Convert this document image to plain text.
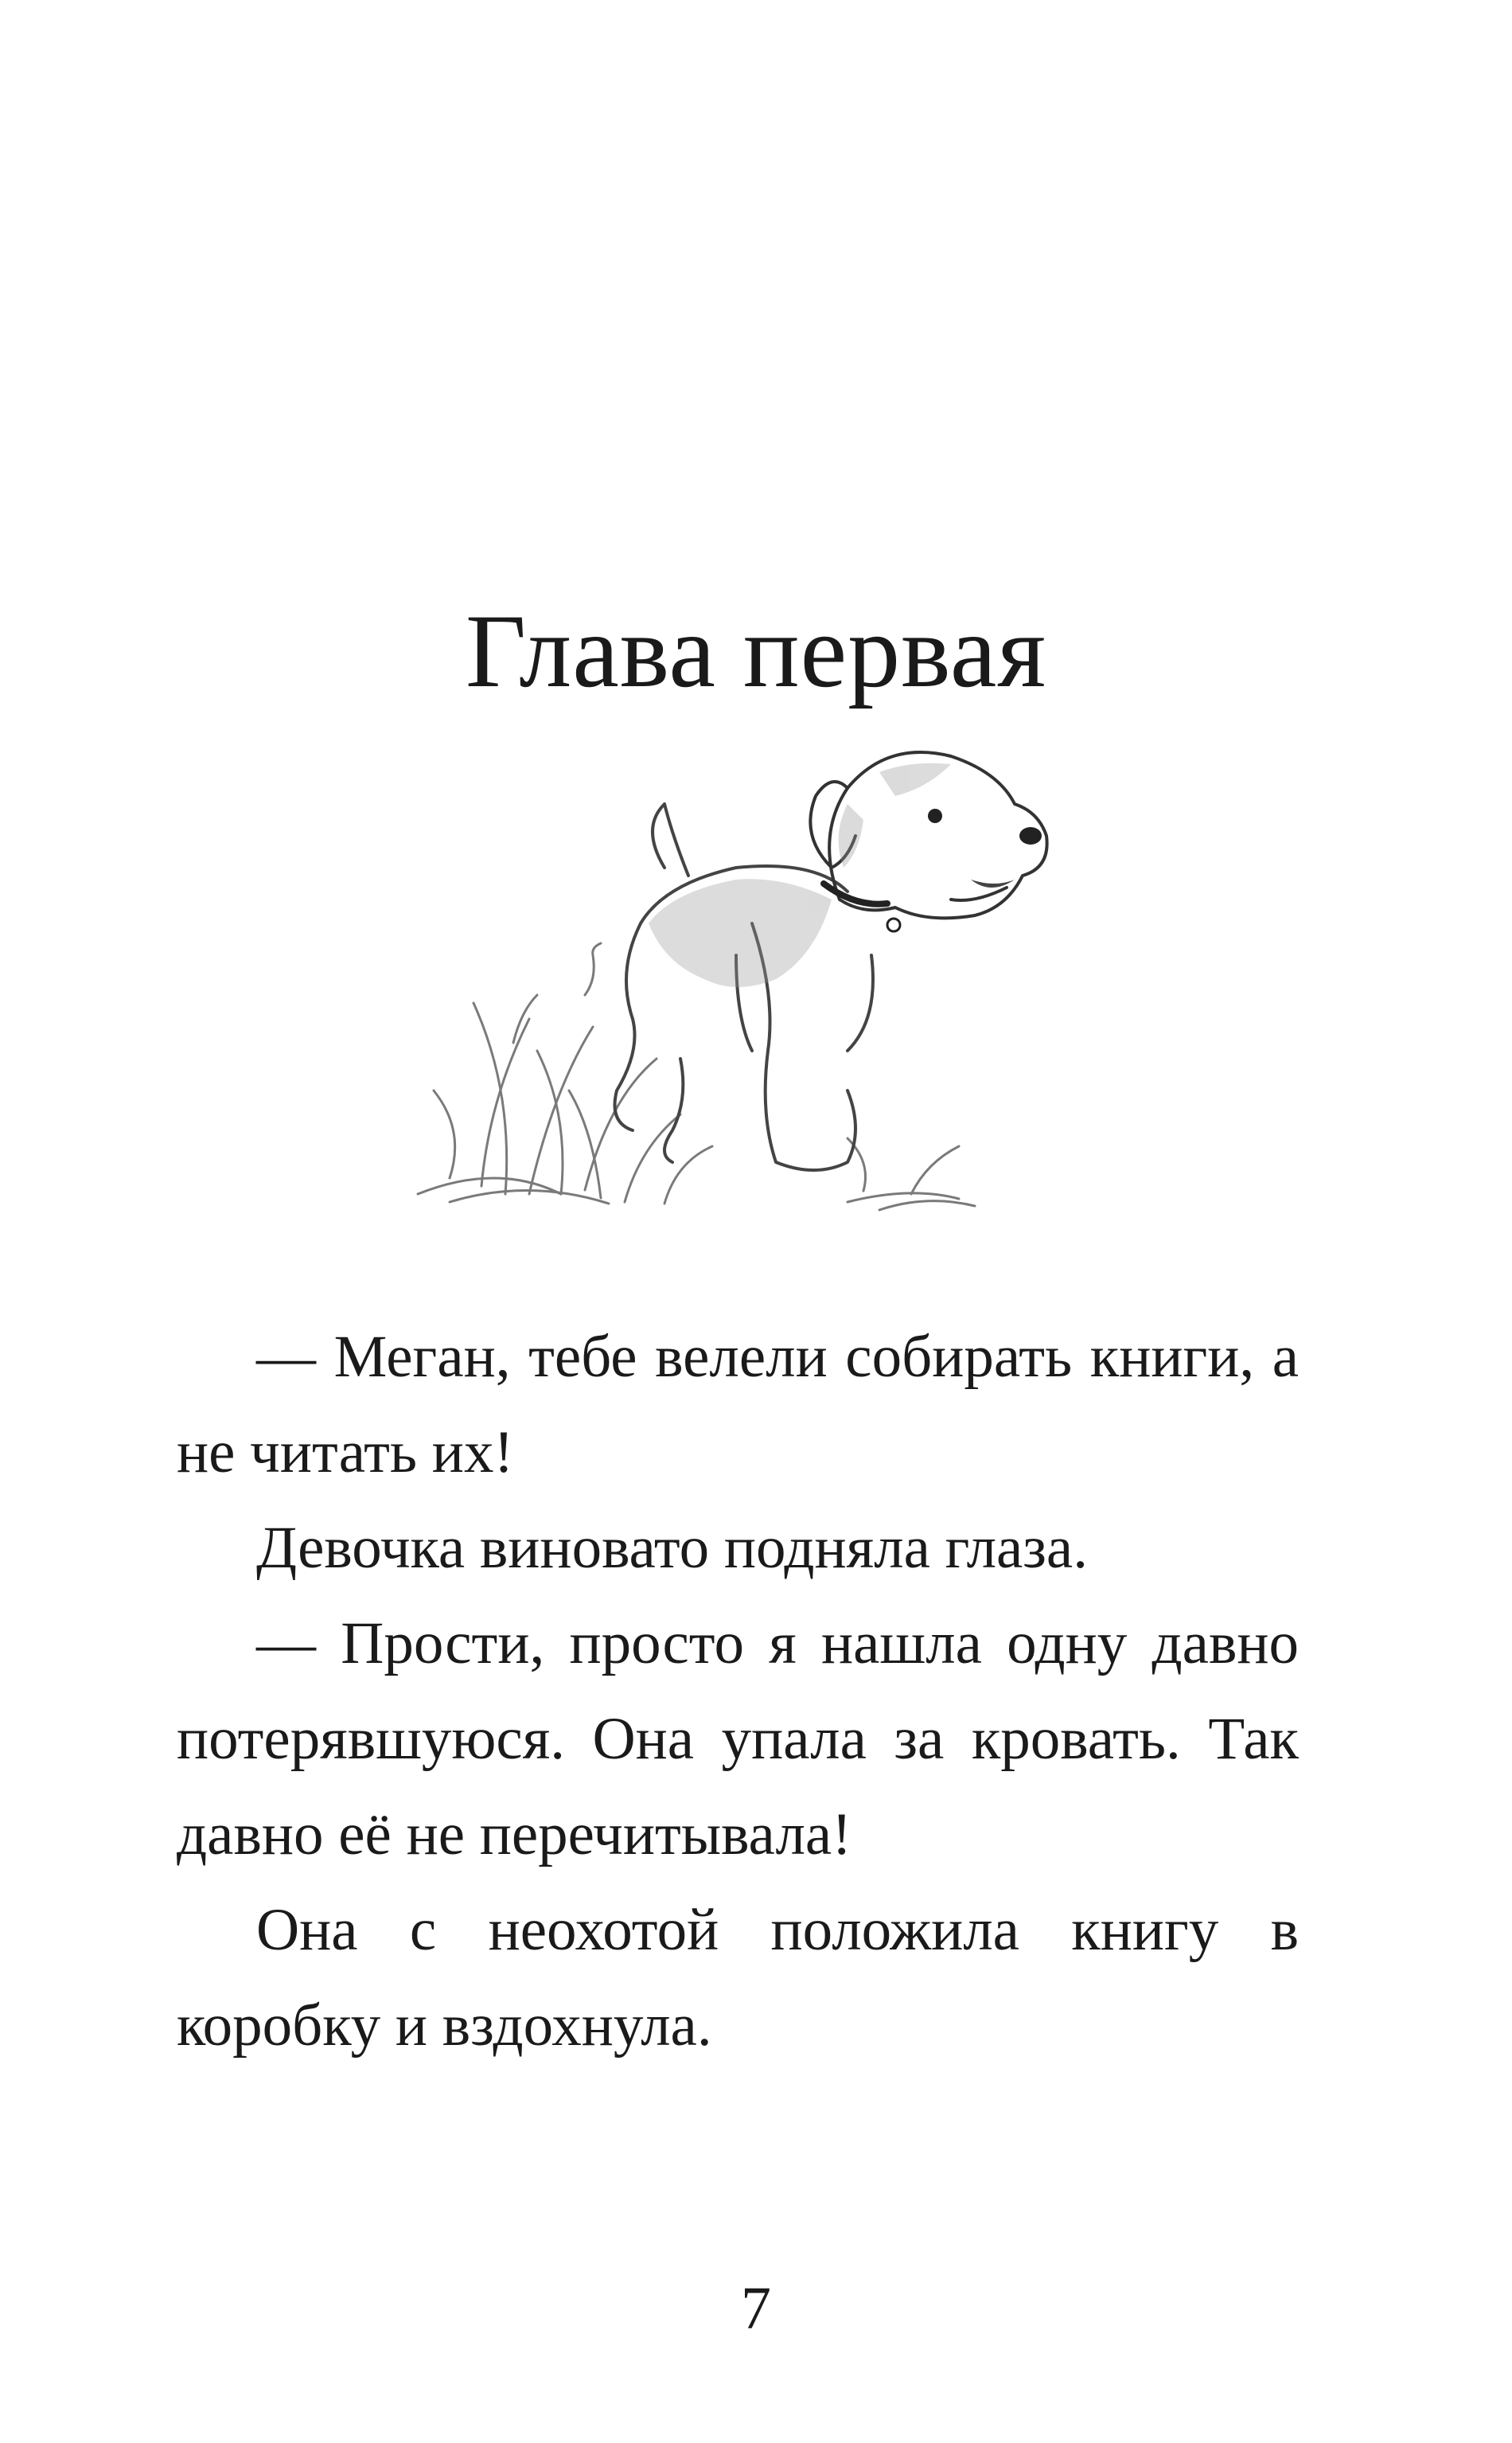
Глава первая

— Меган, тебе велели собирать книги, а не читать их!

Девочка виновато подняла глаза.

— Прости, просто я нашла одну давно потерявшуюся. Она упала за кровать. Так давно её не перечитывала!

Она с неохотой положила книгу в коробку и вздохнула.

7
